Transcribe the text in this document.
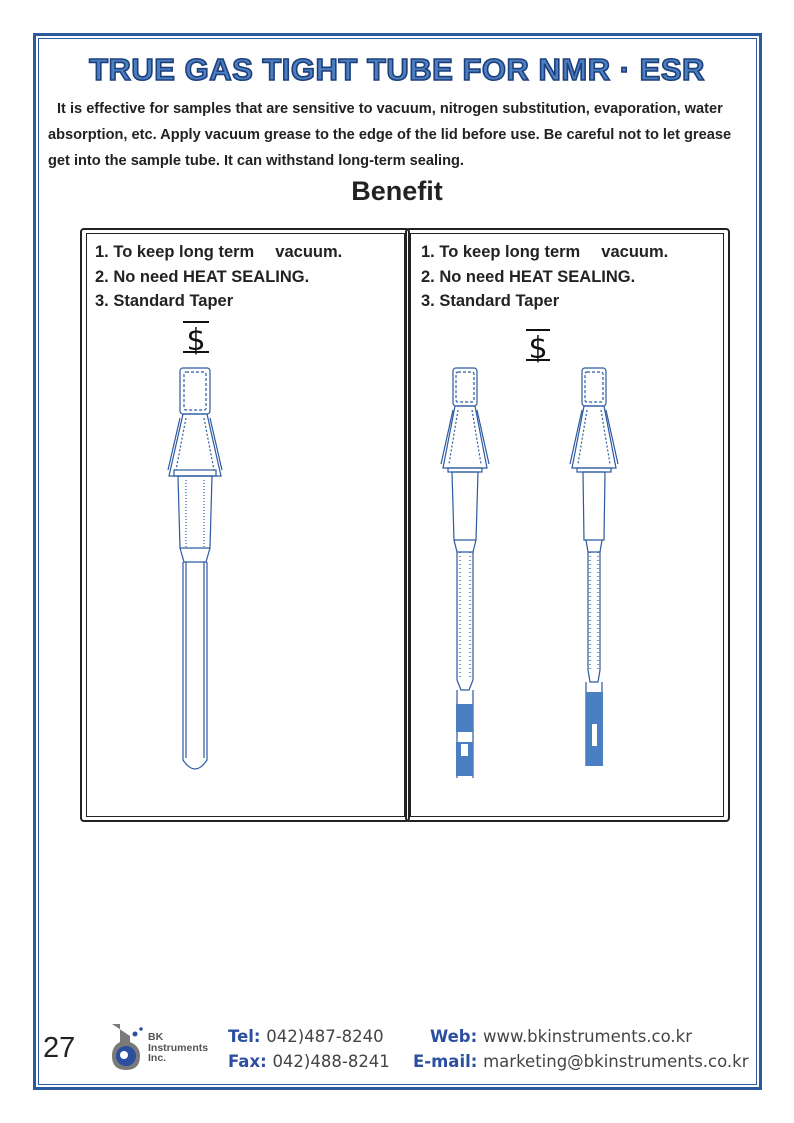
TRUE GAS TIGHT TUBE FOR NMR · ESR

It is effective for samples that are sensitive to vacuum, nitrogen substitution, evaporation, water absorption, etc. Apply vacuum grease to the edge of the lid before use. Be careful not to let grease get into the sample tube. It can withstand long-term sealing.

Benefit
1. To keep long term  vacuum.
2. No need HEAT SEALING.
3. Standard Taper
1. To keep long term  vacuum.
2. No need HEAT SEALING.
3. Standard Taper
$	$
27	BK
Instruments
Inc.
Tel: 042)487-8240
Fax: 042)488-8241
Web: www.bkinstruments.co.kr
E-mail: marketing@bkinstruments.co.kr
